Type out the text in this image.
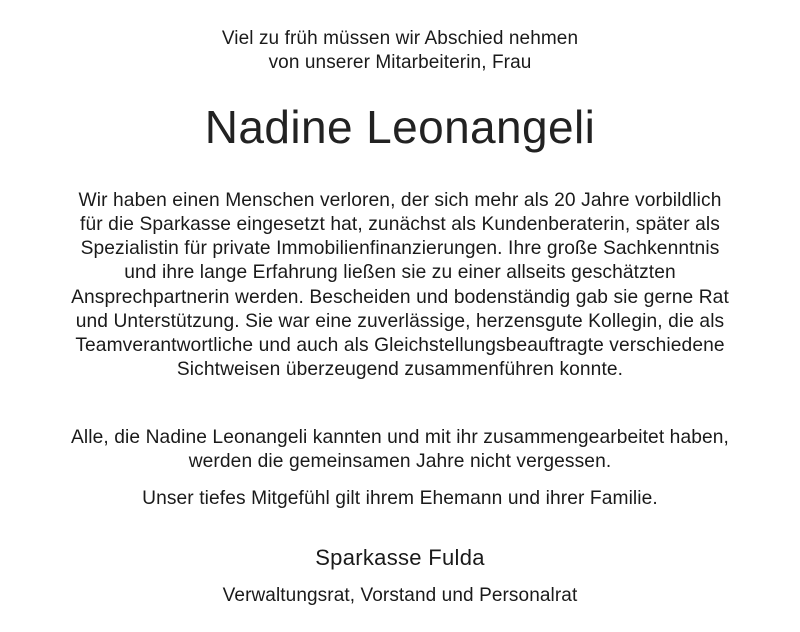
Viel zu früh müssen wir Abschied nehmen
von unserer Mitarbeiterin, Frau
Nadine Leonangeli
Wir haben einen Menschen verloren, der sich mehr als 20 Jahre vorbildlich
für die Sparkasse eingesetzt hat, zunächst als Kundenberaterin, später als
Spezialistin für private Immobilienfinanzierungen. Ihre große Sachkenntnis
und ihre lange Erfahrung ließen sie zu einer allseits geschätzten
Ansprechpartnerin werden. Bescheiden und bodenständig gab sie gerne Rat
und Unterstützung. Sie war eine zuverlässige, herzensgute Kollegin, die als
Teamverantwortliche und auch als Gleichstellungsbeauftragte verschiedene
Sichtweisen überzeugend zusammenführen konnte.
Alle, die Nadine Leonangeli kannten und mit ihr zusammengearbeitet haben,
werden die gemeinsamen Jahre nicht vergessen.
Unser tiefes Mitgefühl gilt ihrem Ehemann und ihrer Familie.
Sparkasse Fulda
Verwaltungsrat, Vorstand und Personalrat
